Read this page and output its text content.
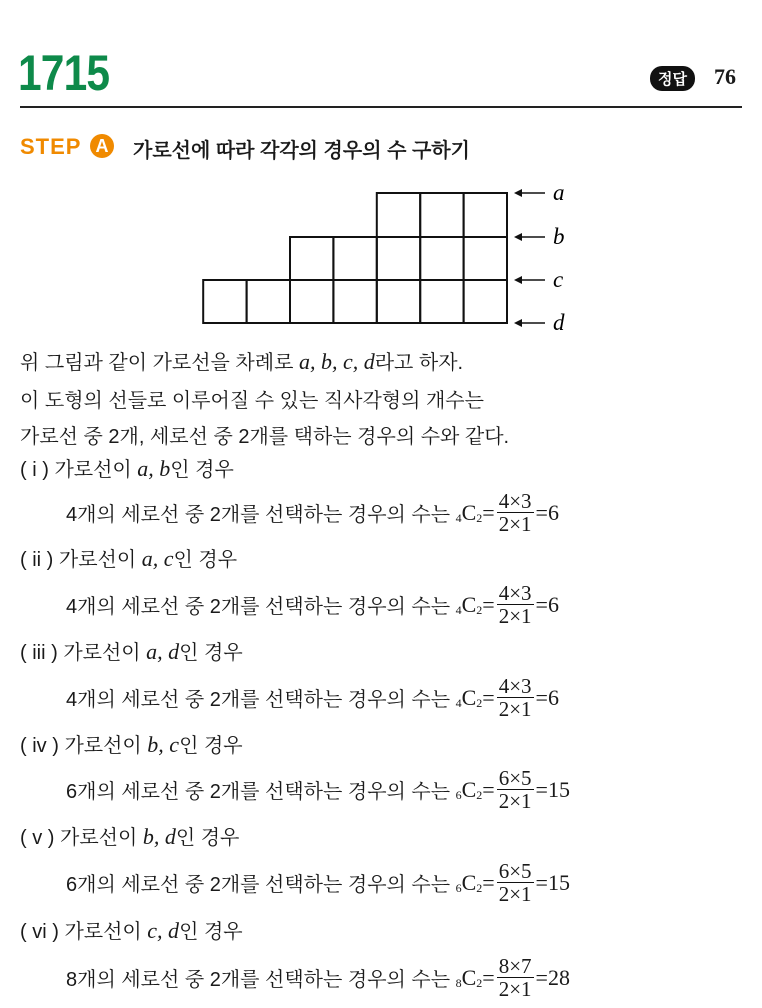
1715	정답	76
STEP A 가로선에 따라 각각의 경우의 수 구하기
a
b
c
d
위 그림과 같이 가로선을 차례로 a, b, c, d라고 하자.
이 도형의 선들로 이루어질 수 있는 직사각형의 개수는
가로선 중 2개, 세로선 중 2개를 택하는 경우의 수와 같다.
( i ) 가로선이 a, b인 경우
4개의 세로선 중 2개를 선택하는 경우의 수는
4 C $2 = \frac{4\times 3}{2\times 1} =6$
( ii ) 가로선이 a, c인 경우
4개의 세로선 중 2개를 선택하는 경우의 수는
4 C $2 = \frac{4\times 3}{2\times 1} =6$
( iii ) 가로선이 a, d인 경우
4개의 세로선 중 2개를 선택하는 경우의 수는
4 C $2 = \frac{4\times 3}{2\times 1} =6$
( iv ) 가로선이 b, c인 경우
6개의 세로선 중 2개를 선택하는 경우의 수는
6 C $2 = \frac{6\times 5}{2\times 1} =15$
( v ) 가로선이 b, d인 경우
6개의 세로선 중 2개를 선택하는 경우의 수는
6 C $2 = \frac{6\times 5}{2\times 1} =15$
( vi ) 가로선이 c, d인 경우
8개의 세로선 중 2개를 선택하는 경우의 수는
8 C $2 = \frac{8\times 7}{2\times 1} =28$
